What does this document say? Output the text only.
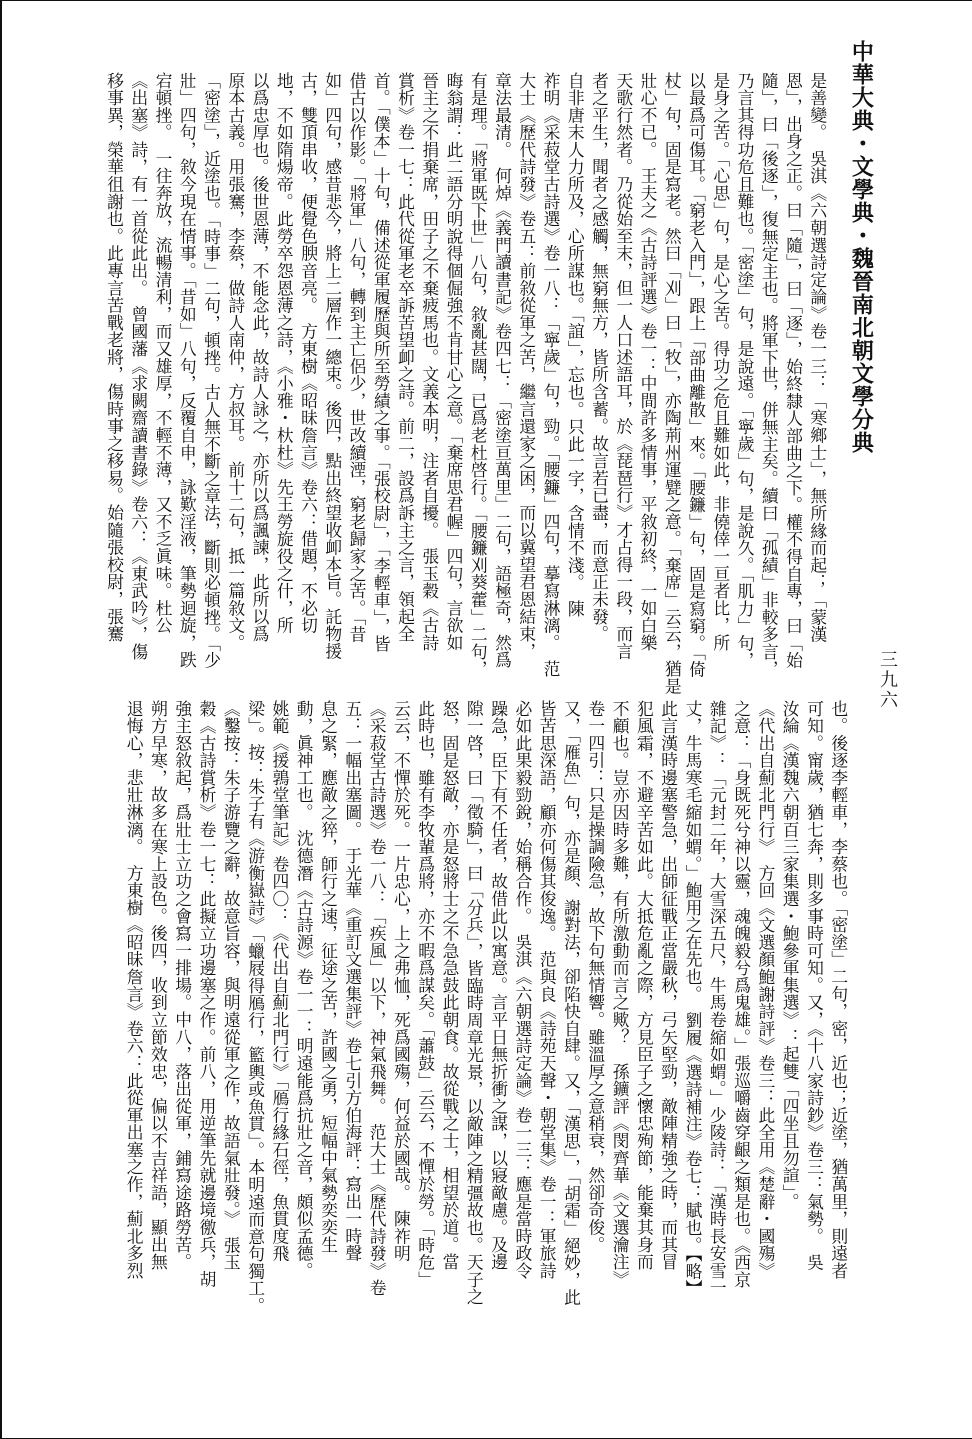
中華大典・文學典・魏晉南北朝文學分典
三九六
是善變。　吳淇《六朝選詩定論》卷一三：「寒鄉士」，無所緣而起；「蒙漢
恩」，出身之正。曰「隨」，曰「逐」，始終隸人部曲之下。權不得自專，曰「始
隨」，曰「後逐」，復無定主也。將軍下世，併無主矣。續曰「孤績」非較多言，
乃言其得功危且難也。「密塗」句，是說遠。「寧歲」句，是說久。「肌力」句，
是身之苦。「心思」句，是心之苦。得功之危且難如此，非僥倖一亘者比，所
以最爲可傷耳。「窮老入門」，跟上「部曲離散」來。「腰鐮」句，固是寫窮。「倚
杖」句，固是寫老。然曰「刈」曰「牧」，亦陶荊州運甓之意。「棄席」云云，猶是
壯心不已。　王夫之《古詩評選》卷一：中間許多情事，平敘初終，一如白樂
天歌行然者。乃從始至末，但一人口述語耳，於《琵琶行》才占得一段，而言
者之平生，聞者之感觸，無窮無方，皆所含蓄。故言若已盡，而意正未發。
自非唐末人力所及，心所謀也。「誼」，忘也。只此一字，含情不淺。　陳
祚明《采菽堂古詩選》卷一八：「寧歲」句，勁。「腰鐮」四句，摹寫淋漓。　范
大士《歷代詩發》卷五：前敘從軍之苦，繼言還家之困，而以冀望君恩結束，
章法最清。　何焯《義門讀書記》卷四七：「密塗亘萬里」二句，語極奇，然爲
有是理。「將軍既下世」八句，敘亂甚闊，已爲老杜啓行。「腰鐮刈葵藿」二句，
晦翁謂：此二語分明說得個倔強不肯甘心之意。「棄席思君幄」四句，言欲如
晉主之不捐棄席，田子之不棄疲馬也。文義本明，注者自擾。　張玉穀《古詩
賞析》卷一七：此代從軍老卒訴苦望卹之詩。前二，設爲訴主之言，領起全
首。「僕本」十句，備述從軍履歷與所至勞績之事。「張校尉」，「李輕車」，皆
借古以作影。「將軍」八句，轉到主亡侶少，世改續湮，窮老歸家之苦。「昔
如」四句，感昔悲今，將上二層作一總束。後四，點出終望收卹本旨。託物援
古，雙頂串收，便覺色腴音亮。　方東樹《昭昧詹言》卷六：借題，不必切
地，不如隋煬帝。此勞卒怨恩薄之詩，《小雅・杕杜》先王勞旋役之什，所
以爲忠厚也。後世恩薄，不能念此，故詩人詠之，亦所以爲諷諫，此所以爲
原本古義。用張騫，李蔡，做詩人南仲，方叔耳。　前十二句，抵一篇敘文。
「密塗」，近塗也。「時事」二句，頓挫。古人無不斷之章法，斷則必頓挫。「少
壯」四句，敘今現在情事。「昔如」八句，反覆自申，詠歎淫液，筆勢迴旋，跌
宕頓挫。　一往奔放，流暢清利，而又雄厚，不輕不薄，又不乏眞味。杜公
《出塞》詩，有一首從此出。　曾國藩《求闕齋讀書錄》卷六：《東武吟》，傷
移事異，榮華徂謝也。此專言苦戰老將，傷時事之移易。始隨張校尉，張騫
也。後逐李輕車，李蔡也。「密塗」二句，密，近也；近塗，猶萬里，則遠者
可知。甯歲，猶七奔，則多事時可知。又，《十八家詩鈔》卷三：氣勢。　吳
汝綸《漢魏六朝百三家集選・鮑參軍集選》：起雙「四坐且勿諠」。
《代出自薊北門行》　方回《文選顏鮑謝詩評》卷三：此全用《楚辭・國殤》
之意：「身既死兮神以靈，魂魄毅兮爲鬼雄。」張巡嚼齒穿齦之類是也。《西京
雜記》：「元封二年，大雪深五尺，牛馬卷縮如蝟。」少陵詩：「漢時長安雪一
丈，牛馬寒毛縮如蝟。」鮑用之在先也。　劉履《選詩補注》卷七：賦也。【略】
此言漢時邊塞警急，出師征戰正當嚴秋，弓矢堅勁，敵陣精強之時，而其冒
犯風霜，不避辛苦如此。大抵危亂之際，方見臣子之懷忠殉節，能棄其身而
不顧也。豈亦因時多難，有所激動而言之歟？　孫鑛評《閔齊華《文選瀹注》
卷一四引：只是操調險急，故下句無情響。雖溫厚之意稍衰，然卻奇俊。
又，「雁魚」句，亦是顏、謝對法，卻陷快自肆。又，「漢思」，「胡霜」絕妙，此
皆苦思深語，顧亦何傷其俊逸。　范與良《詩苑天聲・朝堂集》卷一：軍旅詩
必如此果毅勁銳，始稱合作。　吳淇《六朝選詩定論》卷一三：應是當時政令
躁急，臣下有不任者，故借此以寓意。言平日無折衝之謀，以寢敵慮。及邊
隙一啓，曰「徵騎」，曰「分兵」，皆臨時周章光景，以敵陣之精彊故也。天子之
怒，固是怒敵，亦是怒將士之不急急鼓此朝食。故從戰之士，相望於道。當
此時也，雖有李牧輩爲將，亦不暇爲謀矣。「蕭鼓」云云，不憚於勞。「時危」
云云，不憚於死。一片忠心，上之弗恤，死爲國殤，何益於國哉。　陳祚明
《采菽堂古詩選》卷一八：「疾風」以下，神氣飛舞。　范大士《歷代詩發》卷
五：一幅出塞圖。　于光華《重訂文選集評》卷七引方伯海評：寫出一時聲
息之緊，應敵之猝，師行之速，征途之苦，許國之勇，短幅中氣勢奕奕生
動，眞神工也。　沈德潛《古詩源》卷一一：明遠能爲抗壯之音，頗似孟德。
姚範《援鶉堂筆記》卷四〇：《代出自薊北門行》「鴈行緣石徑，魚貫度飛
梁」。按：朱子有《游衡嶽詩》「蠟屐得鴈行，籃輿或魚貫」。本明遠而意句獨工。
《鑿按：朱子游覽之辭，故意旨容，與明遠從軍之作，故語氣壯發。》　張玉
穀《古詩賞析》卷一七：此擬立功邊塞之作。前八，用逆筆先就邊境徼兵，胡
強主怒敘起，爲壯士立功之會寫一排場。中八，落出從軍，鋪寫途路勞苦。
朔方早寒，故多在寒上設色。後四，收到立節效忠，偏以不吉祥語，顯出無
退悔心，悲壯淋漓。　方東樹《昭昧詹言》卷六：此從軍出塞之作，薊北多烈
